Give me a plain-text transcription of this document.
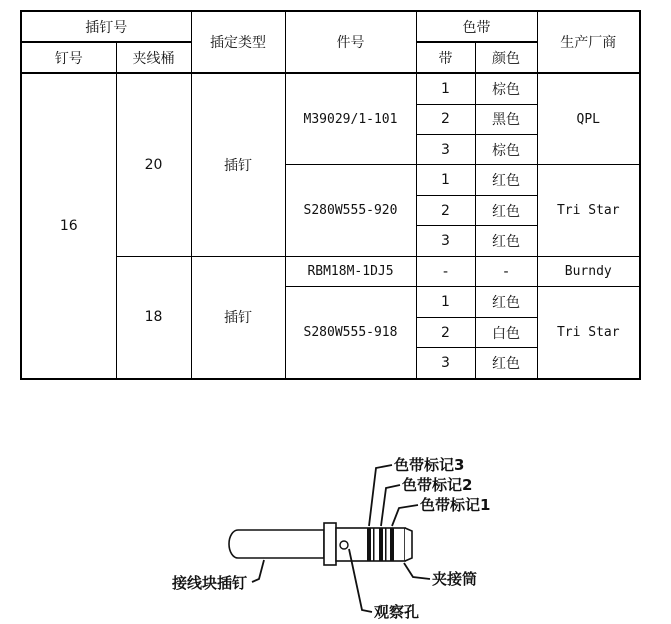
插钉号		插定类型	件号	色带		生产厂商
钉号	夹线桶			带	颜色	
16	20	插钉	M39029/1-101	1	棕色	QPL
				2	黑色	
				3	棕色	
			S280W555-920	1	红色	Tri Star
				2	红色	
				3	红色	
	18	插钉	RBM18M-1DJ5	-	-	Burndy
			S280W555-918	1	红色	Tri Star
				2	白色	
				3	红色	
色带标记3
色带标记2
色带标记1
接线块插钉	夹接筒
观察孔
